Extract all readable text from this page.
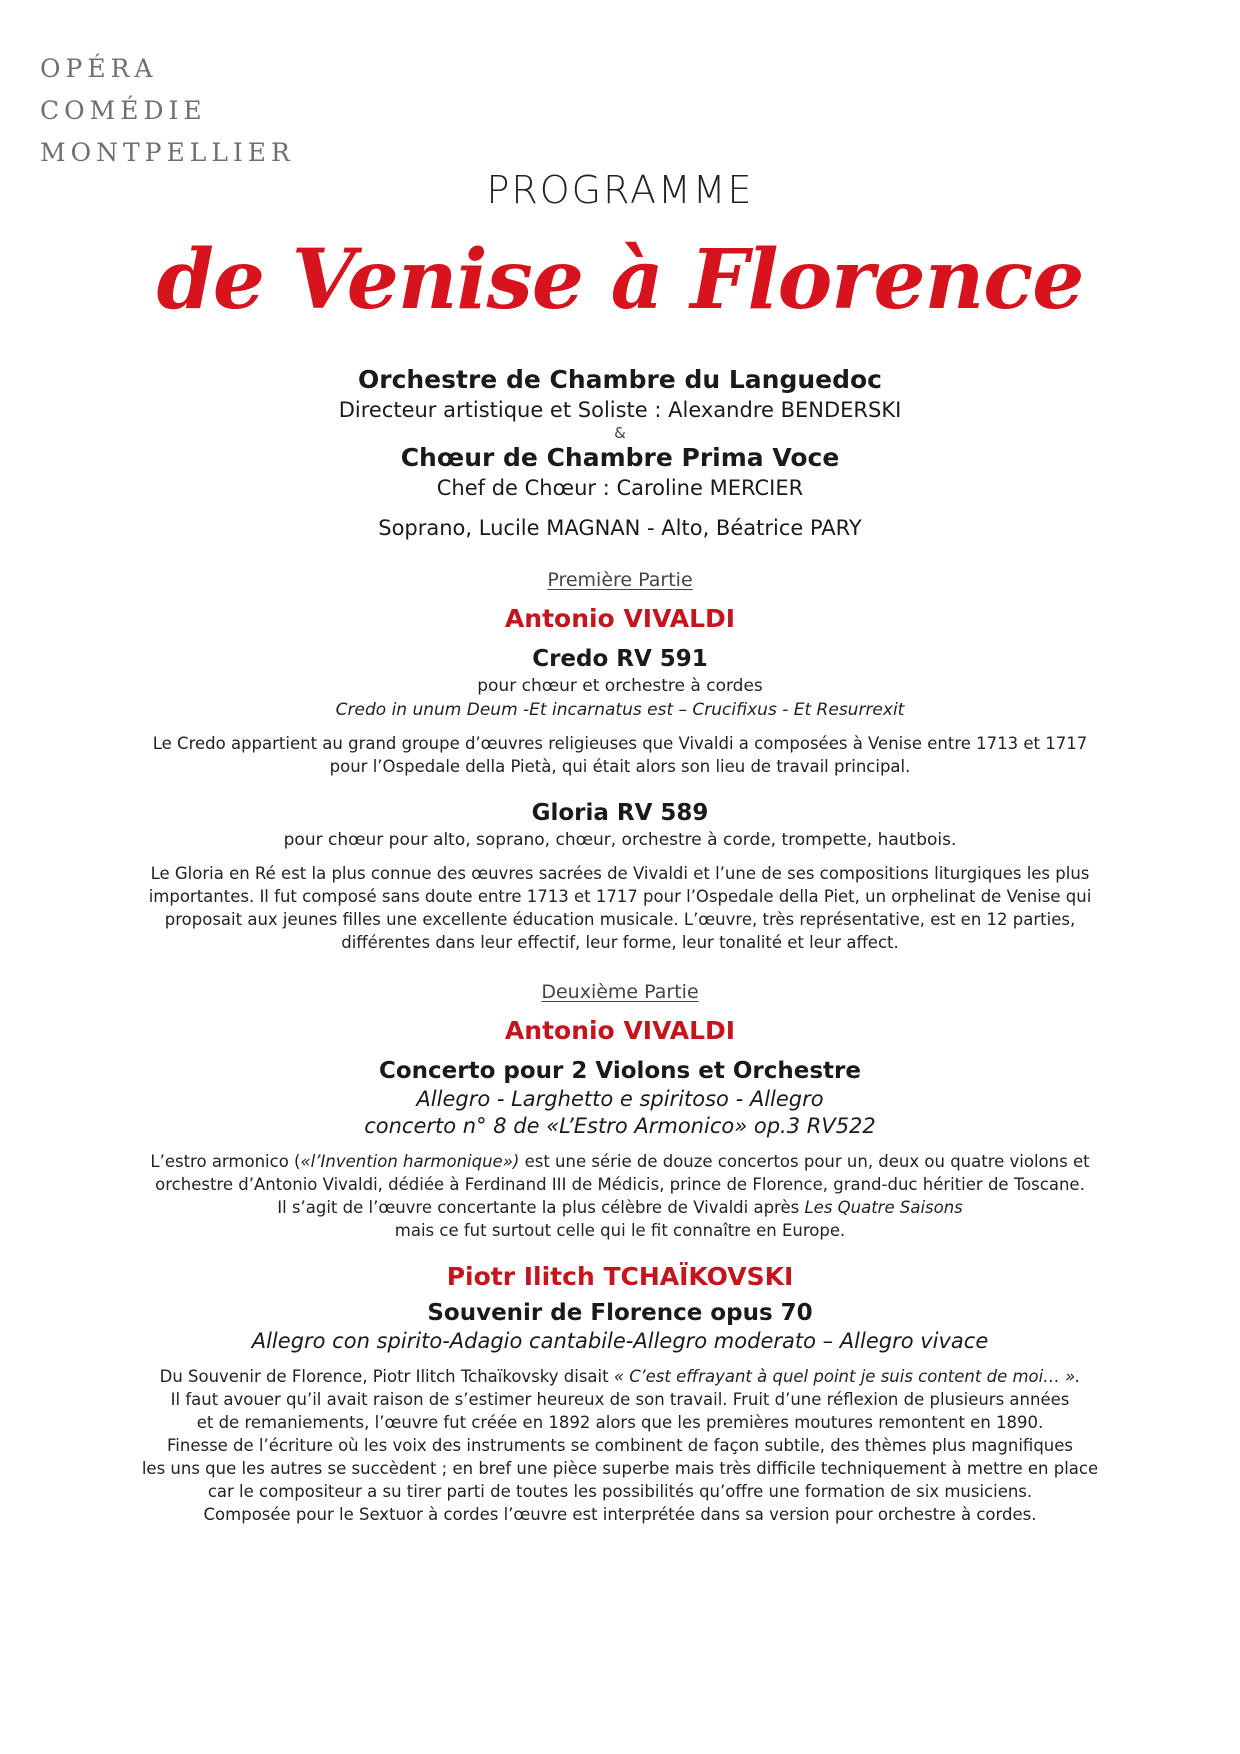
OPÉRA
COMÉDIE
MONTPELLIER

PROGRAMME

de Venise à Florence

Orchestre de Chambre du Languedoc

Directeur artistique et Soliste : Alexandre BENDERSKI

&

Chœur de Chambre Prima Voce

Chef de Chœur : Caroline MERCIER

Soprano, Lucile MAGNAN - Alto, Béatrice PARY

Première Partie

Antonio VIVALDI

Credo RV 591

pour chœur et orchestre à cordes

Credo in unum Deum -Et incarnatus est – Crucifixus - Et Resurrexit

Le Credo appartient au grand groupe d’œuvres religieuses que Vivaldi a composées à Venise entre 1713 et 1717
pour l’Ospedale della Pietà, qui était alors son lieu de travail principal.

Gloria RV 589

pour chœur pour alto, soprano, chœur, orchestre à corde, trompette, hautbois.

Le Gloria en Ré est la plus connue des œuvres sacrées de Vivaldi et l’une de ses compositions liturgiques les plus
importantes. Il fut composé sans doute entre 1713 et 1717 pour l’Ospedale della Piet, un orphelinat de Venise qui
proposait aux jeunes filles une excellente éducation musicale. L’œuvre, très représentative, est en 12 parties,
différentes dans leur effectif, leur forme, leur tonalité et leur affect.

Deuxième Partie

Antonio VIVALDI

Concerto pour 2 Violons et Orchestre

Allegro - Larghetto e spiritoso - Allegro

concerto n° 8 de «L’Estro Armonico» op.3 RV522

L’estro armonico («l’Invention harmonique») est une série de douze concertos pour un, deux ou quatre violons et
orchestre d’Antonio Vivaldi, dédiée à Ferdinand III de Médicis, prince de Florence, grand-duc héritier de Toscane.
Il s’agit de l’œuvre concertante la plus célèbre de Vivaldi après Les Quatre Saisons
mais ce fut surtout celle qui le fit connaître en Europe.

Piotr Ilitch TCHAÏKOVSKI

Souvenir de Florence opus 70

Allegro con spirito-Adagio cantabile-Allegro moderato – Allegro vivace

Du Souvenir de Florence, Piotr Ilitch Tchaïkovsky disait « C’est effrayant à quel point je suis content de moi… ».
Il faut avouer qu’il avait raison de s’estimer heureux de son travail. Fruit d’une réflexion de plusieurs années
et de remaniements, l’œuvre fut créée en 1892 alors que les premières moutures remontent en 1890.
Finesse de l’écriture où les voix des instruments se combinent de façon subtile, des thèmes plus magnifiques
les uns que les autres se succèdent ; en bref une pièce superbe mais très difficile techniquement à mettre en place
car le compositeur a su tirer parti de toutes les possibilités qu’offre une formation de six musiciens.
Composée pour le Sextuor à cordes l’œuvre est interprétée dans sa version pour orchestre à cordes.
